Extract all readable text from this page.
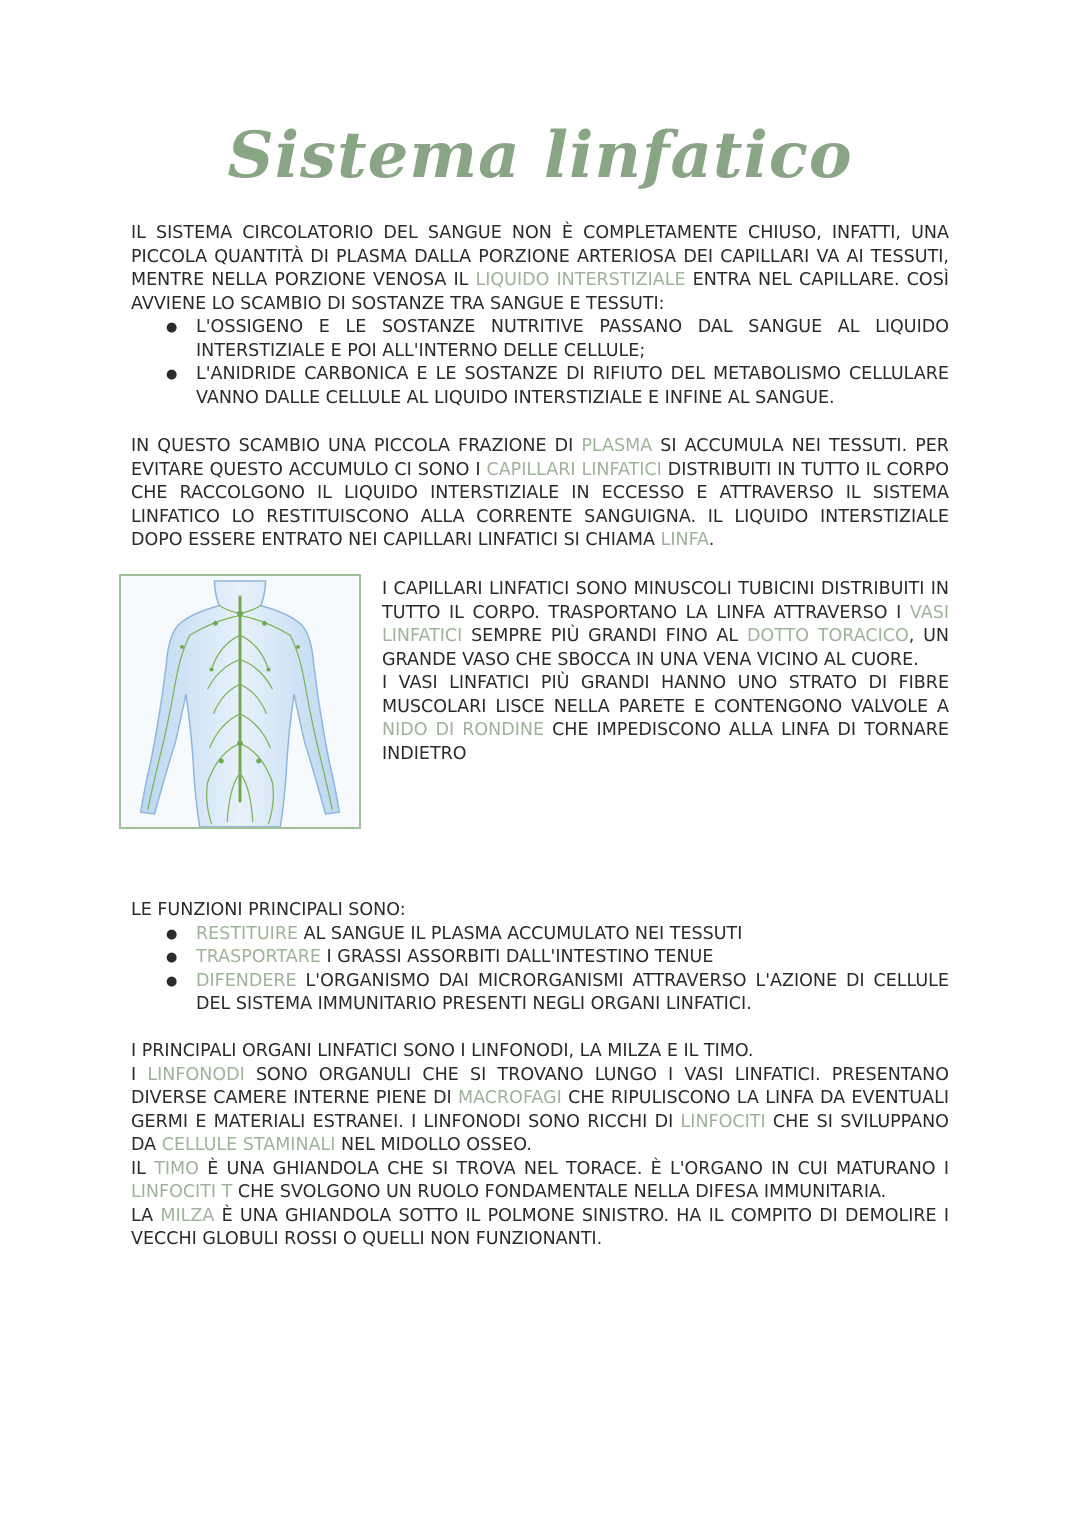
Sistema linfatico

IL SISTEMA CIRCOLATORIO DEL SANGUE NON È COMPLETAMENTE CHIUSO, INFATTI, UNA PICCOLA QUANTITÀ DI PLASMA DALLA PORZIONE ARTERIOSA DEI CAPILLARI VA AI TESSUTI, MENTRE NELLA PORZIONE VENOSA IL LIQUIDO INTERSTIZIALE ENTRA NEL CAPILLARE. COSÌ AVVIENE LO SCAMBIO DI SOSTANZE TRA SANGUE E TESSUTI:

● L'OSSIGENO E LE SOSTANZE NUTRITIVE PASSANO DAL SANGUE AL LIQUIDO INTERSTIZIALE E POI ALL'INTERNO DELLE CELLULE;
● L'ANIDRIDE CARBONICA E LE SOSTANZE DI RIFIUTO DEL METABOLISMO CELLULARE VANNO DALLE CELLULE AL LIQUIDO INTERSTIZIALE E INFINE AL SANGUE.

IN QUESTO SCAMBIO UNA PICCOLA FRAZIONE DI PLASMA SI ACCUMULA NEI TESSUTI. PER EVITARE QUESTO ACCUMULO CI SONO I CAPILLARI LINFATICI DISTRIBUITI IN TUTTO IL CORPO CHE RACCOLGONO IL LIQUIDO INTERSTIZIALE IN ECCESSO E ATTRAVERSO IL SISTEMA LINFATICO LO RESTITUISCONO ALLA CORRENTE SANGUIGNA. IL LIQUIDO INTERSTIZIALE DOPO ESSERE ENTRATO NEI CAPILLARI LINFATICI SI CHIAMA LINFA.

I CAPILLARI LINFATICI SONO MINUSCOLI TUBICINI DISTRIBUITI IN TUTTO IL CORPO. TRASPORTANO LA LINFA ATTRAVERSO I VASI LINFATICI SEMPRE PIÙ GRANDI FINO AL DOTTO TORACICO, UN GRANDE VASO CHE SBOCCA IN UNA VENA VICINO AL CUORE.

I VASI LINFATICI PIÙ GRANDI HANNO UNO STRATO DI FIBRE MUSCOLARI LISCE NELLA PARETE E CONTENGONO VALVOLE A NIDO DI RONDINE CHE IMPEDISCONO ALLA LINFA DI TORNARE INDIETRO

LE FUNZIONI PRINCIPALI SONO:

● RESTITUIRE AL SANGUE IL PLASMA ACCUMULATO NEI TESSUTI
● TRASPORTARE I GRASSI ASSORBITI DALL'INTESTINO TENUE
● DIFENDERE L'ORGANISMO DAI MICRORGANISMI ATTRAVERSO L'AZIONE DI CELLULE DEL SISTEMA IMMUNITARIO PRESENTI NEGLI ORGANI LINFATICI.

I PRINCIPALI ORGANI LINFATICI SONO I LINFONODI, LA MILZA E IL TIMO.

I LINFONODI SONO ORGANULI CHE SI TROVANO LUNGO I VASI LINFATICI. PRESENTANO DIVERSE CAMERE INTERNE PIENE DI MACROFAGI CHE RIPULISCONO LA LINFA DA EVENTUALI GERMI E MATERIALI ESTRANEI. I LINFONODI SONO RICCHI DI LINFOCITI CHE SI SVILUPPANO DA CELLULE STAMINALI NEL MIDOLLO OSSEO.

IL TIMO È UNA GHIANDOLA CHE SI TROVA NEL TORACE. È L'ORGANO IN CUI MATURANO I LINFOCITI T CHE SVOLGONO UN RUOLO FONDAMENTALE NELLA DIFESA IMMUNITARIA.

LA MILZA È UNA GHIANDOLA SOTTO IL POLMONE SINISTRO. HA IL COMPITO DI DEMOLIRE I VECCHI GLOBULI ROSSI O QUELLI NON FUNZIONANTI.
